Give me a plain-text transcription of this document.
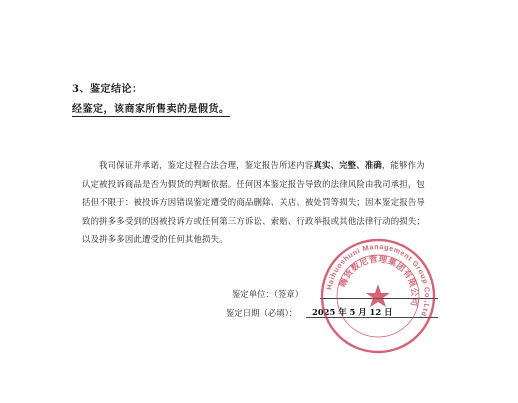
3、鉴定结论：
经鉴定，该商家所售卖的是假货。
我司保证并承诺，鉴定过程合法合理，鉴定报告所述内容真实、完整、准确，能够作为
认定被投诉商品是否为假货的判断依据。任何因本鉴定报告导致的法律风险由我司承担，包
括但不限于：被投诉方因错误鉴定遭受的商品删除、关店、被处罚等损失；因本鉴定报告导
致的拼多多受到的因被投诉方或任何第三方诉讼、索赔、行政举报或其他法律行动的损失；
以及拼多多因此遭受的任何其他损失。
鉴定单位：（签章）
鉴定日期（必填）： 2025 年 5 月 12 日
Haihuoshuni Management Group Co.,Ltd.
嗨货数尼管理集团有限公司
